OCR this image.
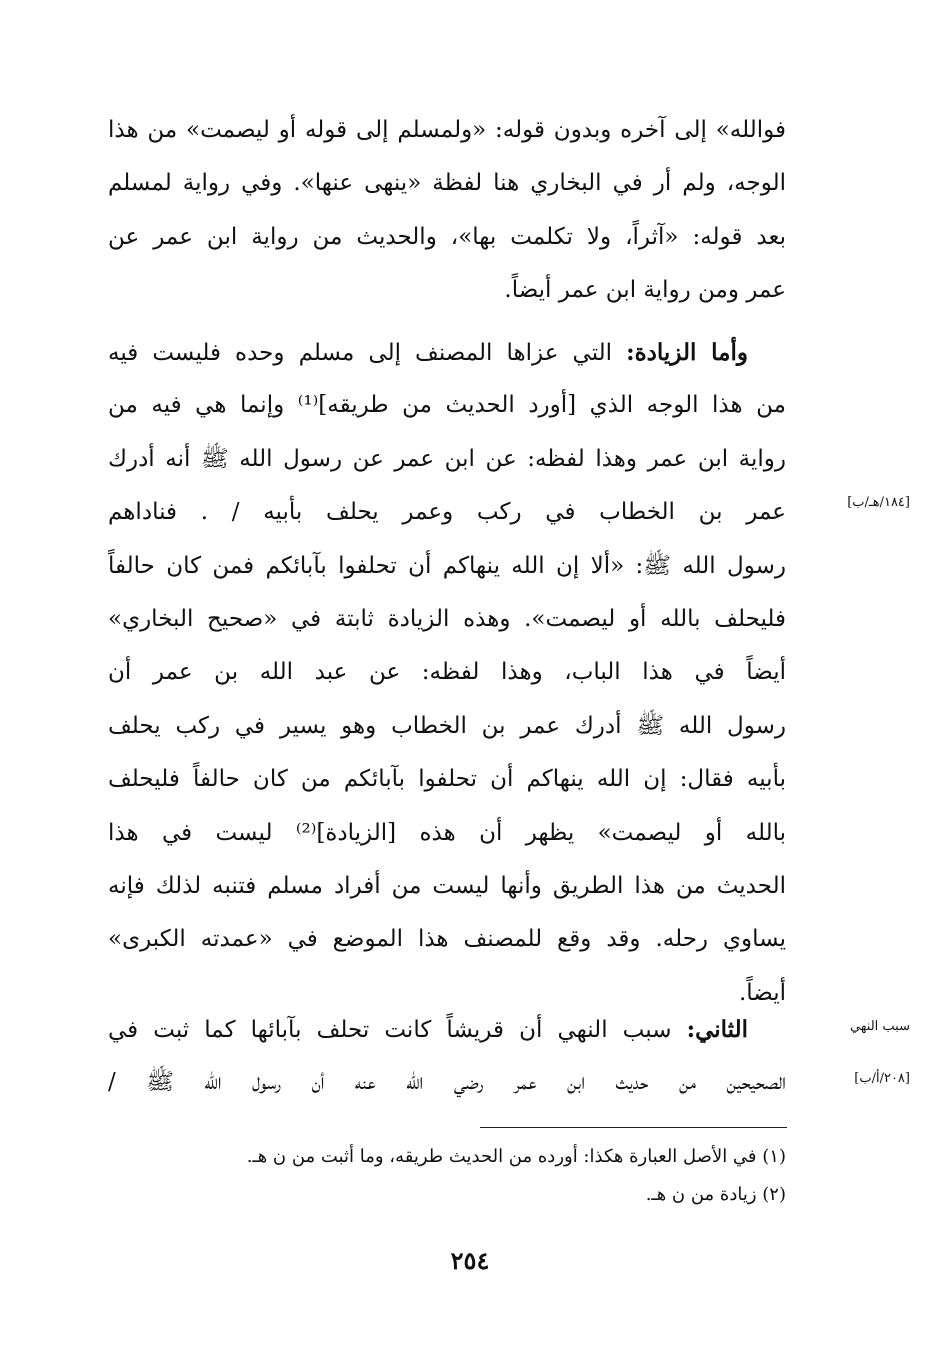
فوالله» إلى آخره وبدون قوله: «ولمسلم إلى قوله أو ليصمت» من هذا
الوجه، ولم أر في البخاري هنا لفظة «ينهى عنها». وفي رواية لمسلم
بعد قوله: «آثراً، ولا تكلمت بها»، والحديث من رواية ابن عمر عن
عمر ومن رواية ابن عمر أيضاً.
وأما الزيادة: التي عزاها المصنف إلى مسلم وحده فليست فيه
من هذا الوجه الذي [أورد الحديث من طريقه]⁽¹⁾ وإنما هي فيه من
رواية ابن عمر وهذا لفظه: عن ابن عمر عن رسول الله ﷺ أنه أدرك
عمر بن الخطاب في ركب وعمر يحلف بأبيه / . فناداهم
رسول الله ﷺ: «ألا إن الله ينهاكم أن تحلفوا بآبائكم فمن كان حالفاً
فليحلف بالله أو ليصمت». وهذه الزيادة ثابتة في «صحيح البخاري»
أيضاً في هذا الباب، وهذا لفظه: عن عبد الله بن عمر أن
رسول الله ﷺ أدرك عمر بن الخطاب وهو يسير في ركب يحلف
بأبيه فقال: إن الله ينهاكم أن تحلفوا بآبائكم من كان حالفاً فليحلف
بالله أو ليصمت» يظهر أن هذه [الزيادة]⁽²⁾ ليست في هذا
الحديث من هذا الطريق وأنها ليست من أفراد مسلم فتنبه لذلك فإنه
يساوي رحله. وقد وقع للمصنف هذا الموضع في «عمدته الكبرى»
أيضاً.
الثاني: سبب النهي أن قريشاً كانت تحلف بآبائها كما ثبت في
الصحيحين من حديث ابن عمر رضي الله عنه أن رسول الله ﷺ /
[١٨٤/هـ/ب]
سبب النهي
[٢٠٨/أ/ب]
(١) في الأصل العبارة هكذا: أورده من الحديث طريقه، وما أثبت من ن هـ.
(٢) زيادة من ن هـ.
٢٥٤
